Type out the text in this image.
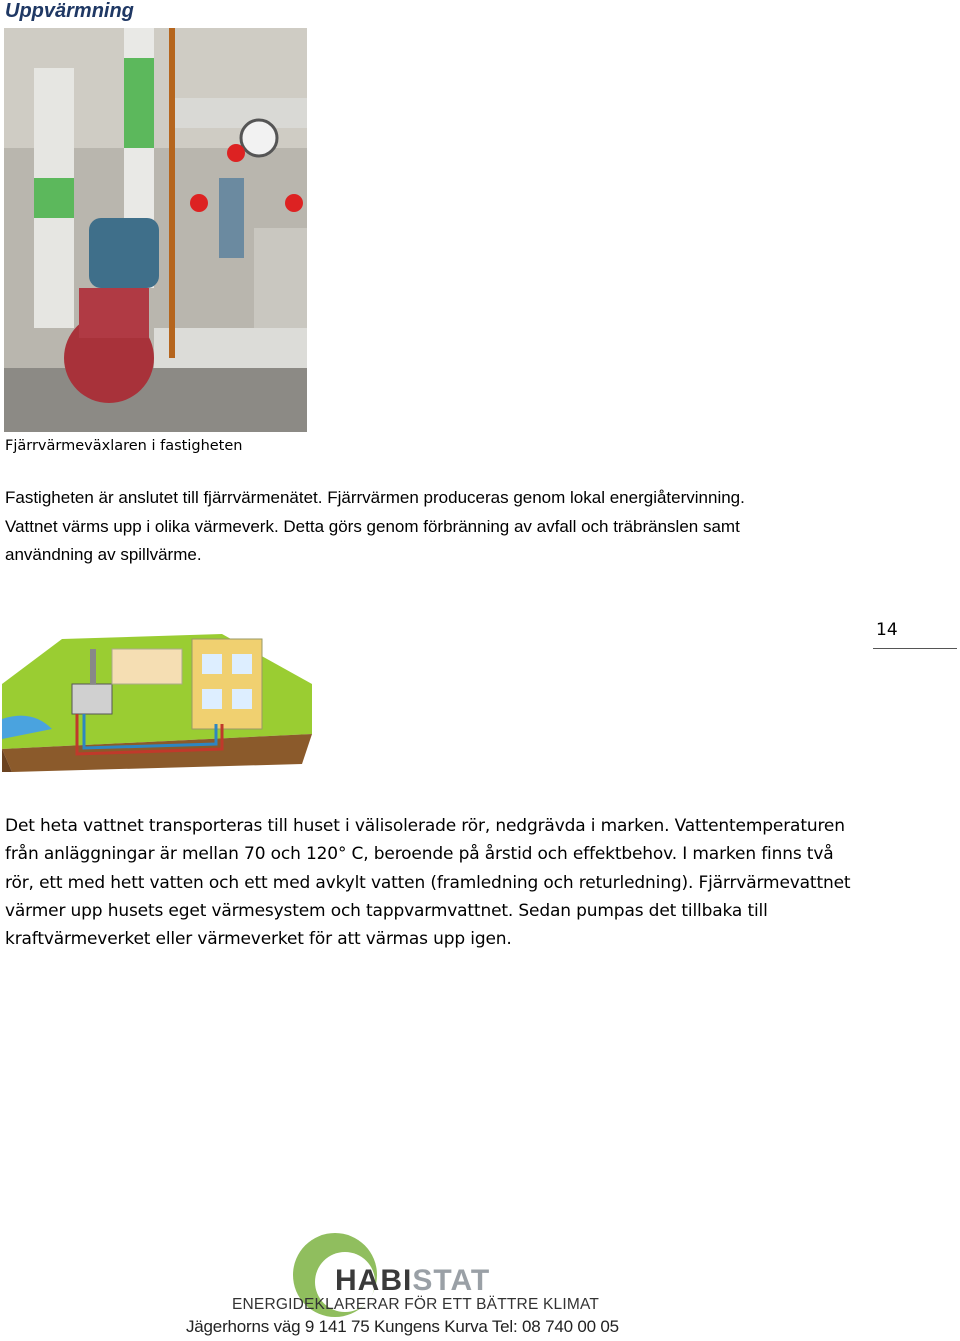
Uppvärmning
Fjärrvärmeväxlaren i fastigheten
Fastigheten är anslutet till fjärrvärmenätet. Fjärrvärmen produceras genom lokal energiåtervinning.
Vattnet värms upp i olika värmeverk. Detta görs genom förbränning av avfall och träbränslen samt
användning av spillvärme.
14
Det heta vattnet transporteras till huset i välisolerade rör, nedgrävda i marken. Vattentemperaturen
från anläggningar är mellan 70 och 120° C, beroende på årstid och effektbehov. I marken finns två
rör, ett med hett vatten och ett med avkylt vatten (framledning och returledning). Fjärrvärmevattnet
värmer upp husets eget värmesystem och tappvarmvattnet. Sedan pumpas det tillbaka till
kraftvärmeverket eller värmeverket för att värmas upp igen.
HABISTAT
ENERGIDEKLARERAR FÖR ETT BÄTTRE KLIMAT
Jägerhorns väg 9 141 75 Kungens Kurva Tel: 08 740 00 05
